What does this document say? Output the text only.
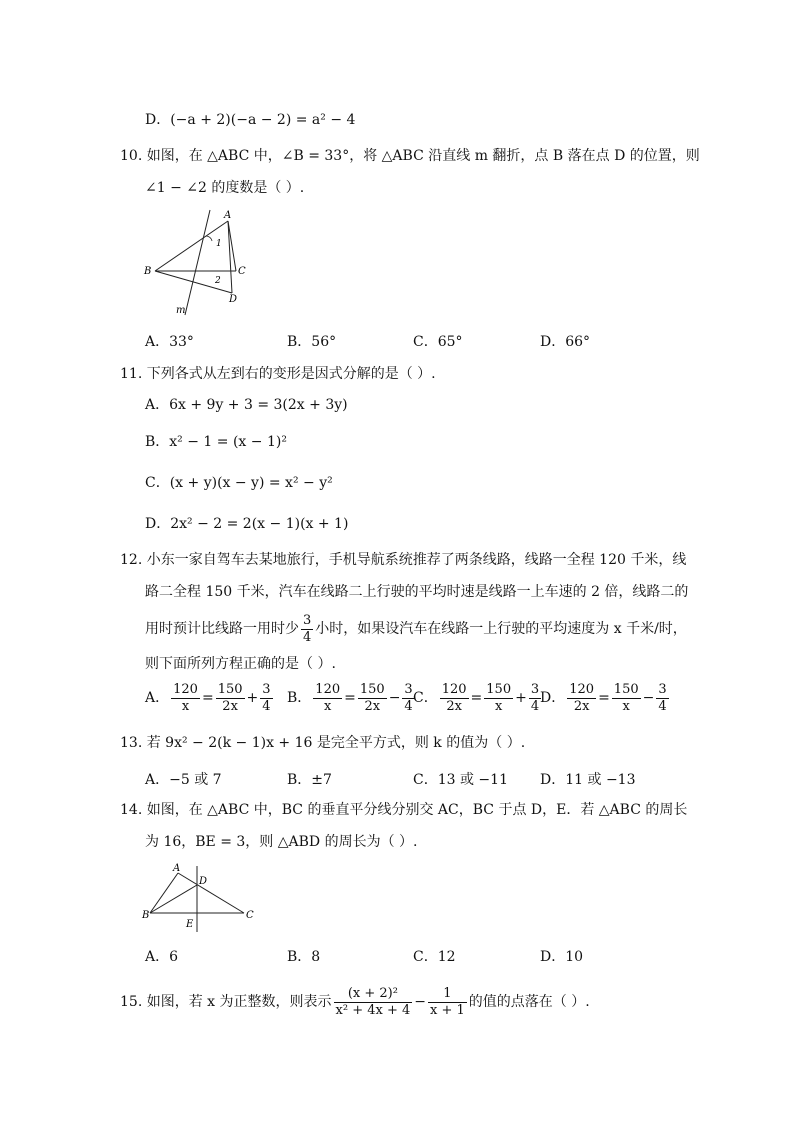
D．(−a + 2)(−a − 2) = a² − 4
10. 如图，在 △ABC 中，∠B = 33°，将 △ABC 沿直线 m 翻折，点 B 落在点 D 的位置，则
∠1 − ∠2 的度数是（ ）.
A
B	C
D
m
1
2
A．33°	B．56°	C．65°	D．66°
11. 下列各式从左到右的变形是因式分解的是（ ）.
A．6x + 9y + 3 = 3(2x + 3y)
B．x² − 1 = (x − 1)²
C．(x + y)(x − y) = x² − y²
D．2x² − 2 = 2(x − 1)(x + 1)
12. 小东一家自驾车去某地旅行，手机导航系统推荐了两条线路，线路一全程 120 千米，线
路二全程 150 千米，汽车在线路二上行驶的平均时速是线路一上车速的 2 倍，线路二的
用时预计比线路一用时少 $\frac{3}{4}$ 小时，如果设汽车在线路一上行驶的平均速度为 x 千米/时，
则下面所列方程正确的是（ ）.
A． $\frac{120}{x} = \frac{150}{2x} + \frac{3}{4}$ B． $\frac{120}{x} = \frac{150}{2x} - \frac{3}{4}$
C． $\frac{120}{2x} = \frac{150}{x} + \frac{3}{4}$
D． $\frac{120}{2x} = \frac{150}{x} - \frac{3}{4}$
13. 若 9x² − 2(k − 1)x + 16 是完全平方式，则 k 的值为（ ）.
A．−5 或 7	B．±7	C．13 或 −11 D．11 或 −13
14. 如图，在 △ABC 中，BC 的垂直平分线分别交 AC，BC 于点 D，E．若 △ABC 的周长
为 16，BE = 3，则 △ABD 的周长为（ ）.
A
B	C
D
E
A．6	B．8	C．12	D．10
15. 如图，若 x 为正整数，则表示 $\frac{\text{(x + 2)²}}{\text{x² + 4x + 4}} - \frac{1}{x + 1}$ 的值的点落在（ ）.
